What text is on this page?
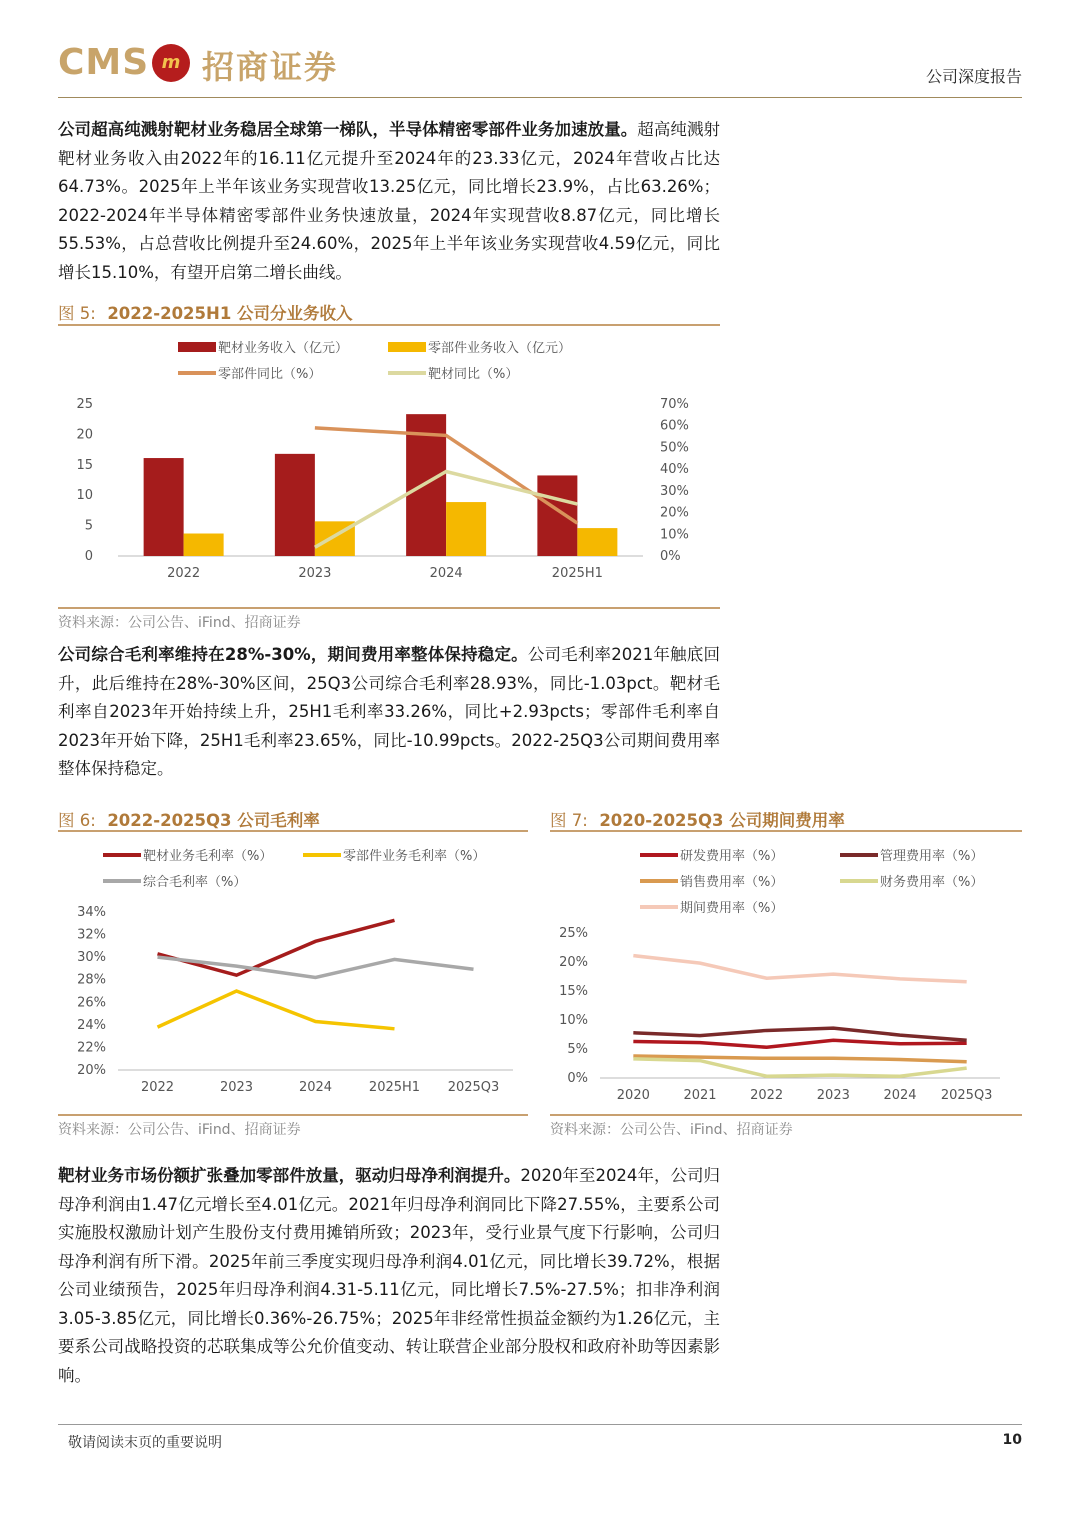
CMS m 招商证券	公司深度报告
公司超高纯溅射靶材业务稳居全球第一梯队，半导体精密零部件业务加速放量。超高纯溅射靶材业务收入由2022年的16.11亿元提升至2024年的23.33亿元，2024年营收占比达64.73%。2025年上半年该业务实现营收13.25亿元，同比增长23.9%，占比63.26%；2022-2024年半导体精密零部件业务快速放量，2024年实现营收8.87亿元，同比增长55.53%，占总营收比例提升至24.60%，2025年上半年该业务实现营收4.59亿元，同比增长15.10%，有望开启第二增长曲线。
图 5: 2022-2025H1 公司分业务收入
靶材业务收入（亿元）	零部件业务收入（亿元）
零部件同比（%）	靶材同比（%）
25
20
15
10
5
0
70%
60%
50%
40%
30%
20%
10%
0%
2022	2023	2024	2025H1
资料来源：公司公告、iFind、招商证券
公司综合毛利率维持在28%-30%，期间费用率整体保持稳定。公司毛利率2021年触底回升，此后维持在28%-30%区间，25Q3公司综合毛利率28.93%，同比-1.03pct。靶材毛利率自2023年开始持续上升，25H1毛利率33.26%，同比+2.93pcts；零部件毛利率自2023年开始下降，25H1毛利率23.65%，同比-10.99pcts。2022-25Q3公司期间费用率整体保持稳定。
图 6: 2022-2025Q3 公司毛利率
靶材业务毛利率（%）	零部件业务毛利率（%）
综合毛利率（%）
34%
32%
30%
28%
26%
24%
22%
20%
2022	2023	2024	2025H1 2025Q3
资料来源：公司公告、iFind、招商证券
图 7: 2020-2025Q3 公司期间费用率
研发费用率（%）	管理费用率（%）
销售费用率（%）	财务费用率（%）
期间费用率（%）
25%
20%
15%
10%
5%
0%
2020	2021	2022	2023	2024 2025Q3
资料来源：公司公告、iFind、招商证券
靶材业务市场份额扩张叠加零部件放量，驱动归母净利润提升。2020年至2024年，公司归母净利润由1.47亿元增长至4.01亿元。2021年归母净利润同比下降27.55%，主要系公司实施股权激励计划产生股份支付费用摊销所致；2023年，受行业景气度下行影响，公司归母净利润有所下滑。2025年前三季度实现归母净利润4.01亿元，同比增长39.72%，根据公司业绩预告，2025年归母净利润4.31-5.11亿元，同比增长7.5%-27.5%；扣非净利润3.05-3.85亿元，同比增长0.36%-26.75%；2025年非经常性损益金额约为1.26亿元，主要系公司战略投资的芯联集成等公允价值变动、转让联营企业部分股权和政府补助等因素影响。
敬请阅读末页的重要说明	10
